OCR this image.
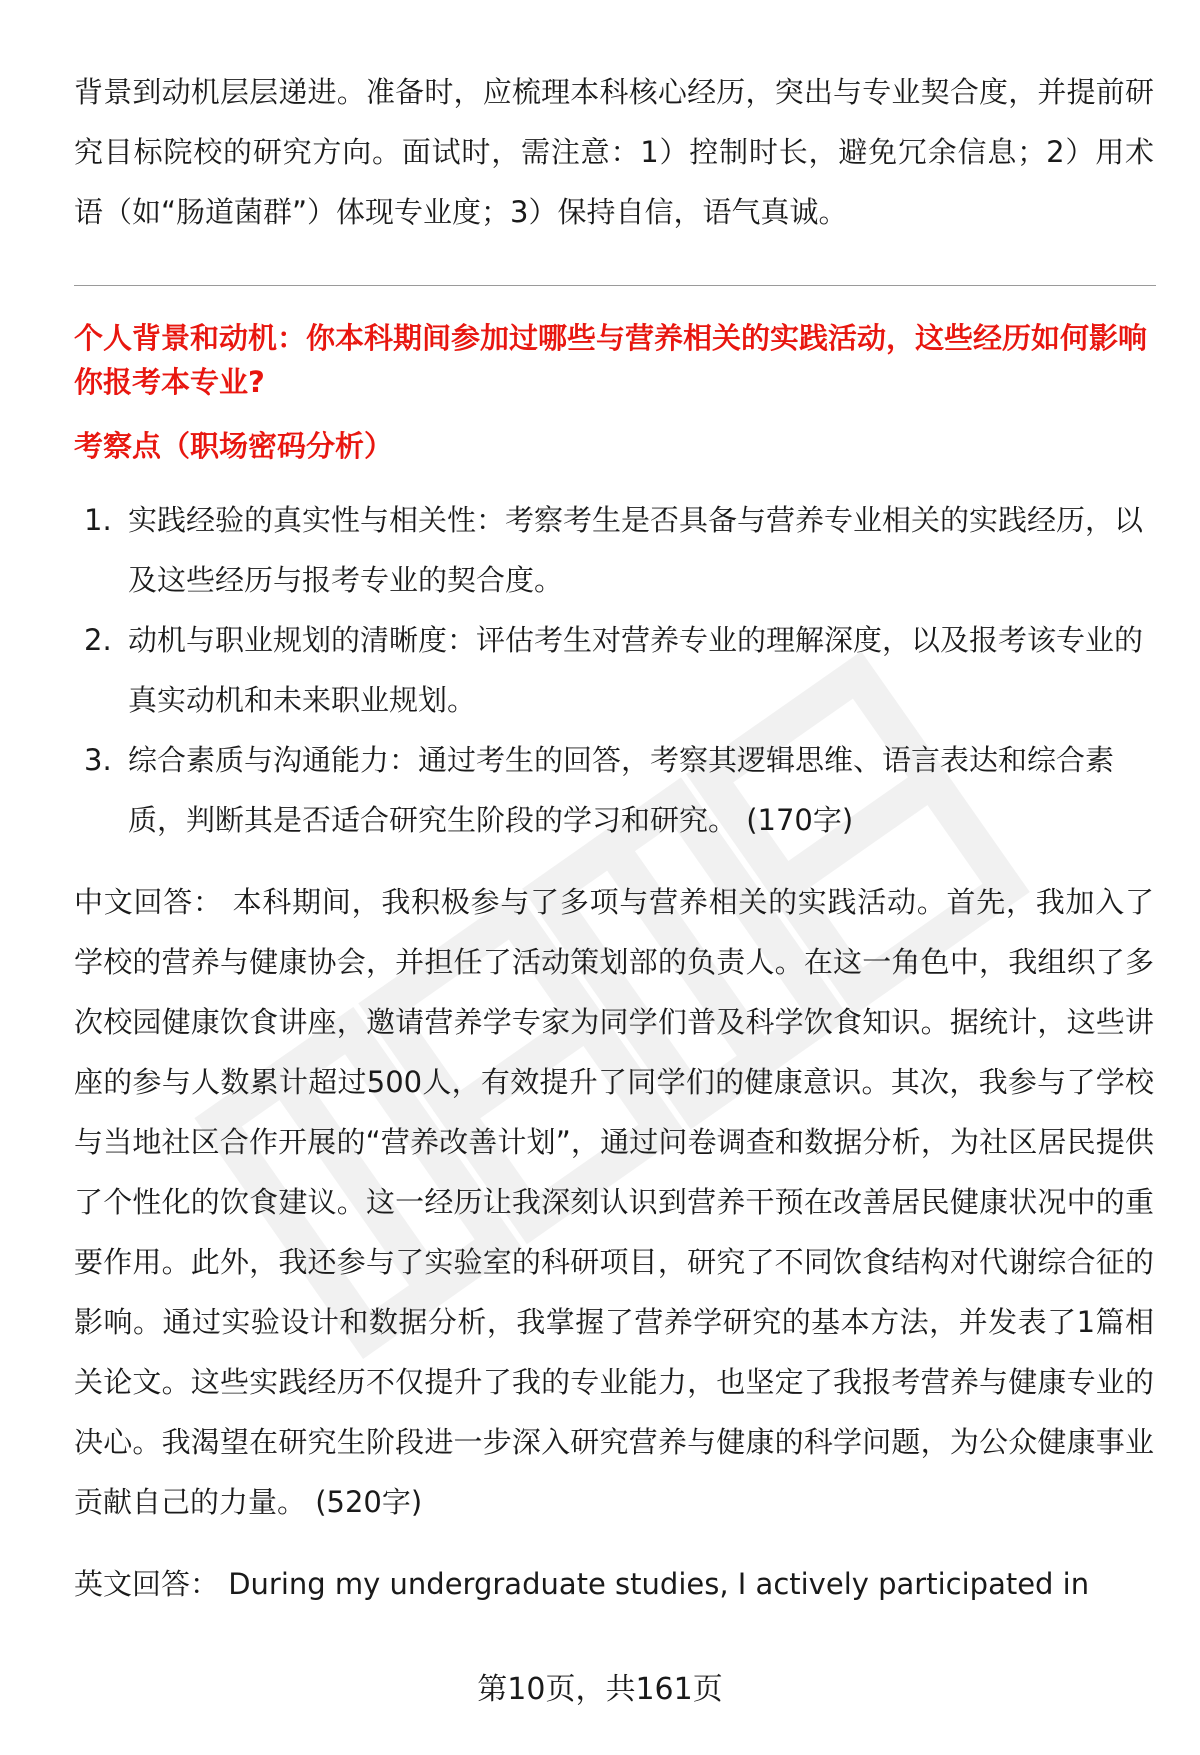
背景到动机层层递进。准备时，应梳理本科核心经历，突出与专业契合度，并提前研究目标院校的研究方向。面试时，需注意：1）控制时长，避免冗余信息；2）用术语（如“肠道菌群”）体现专业度；3）保持自信，语气真诚。

个人背景和动机：你本科期间参加过哪些与营养相关的实践活动，这些经历如何影响你报考本专业?

考察点（职场密码分析）

1. 实践经验的真实性与相关性：考察考生是否具备与营养专业相关的实践经历，以及这些经历与报考专业的契合度。
2. 动机与职业规划的清晰度：评估考生对营养专业的理解深度，以及报考该专业的真实动机和未来职业规划。
3. 综合素质与沟通能力：通过考生的回答，考察其逻辑思维、语言表达和综合素质，判断其是否适合研究生阶段的学习和研究。 (170字)

中文回答： 本科期间，我积极参与了多项与营养相关的实践活动。首先，我加入了学校的营养与健康协会，并担任了活动策划部的负责人。在这一角色中，我组织了多次校园健康饮食讲座，邀请营养学专家为同学们普及科学饮食知识。据统计，这些讲座的参与人数累计超过500人，有效提升了同学们的健康意识。其次，我参与了学校与当地社区合作开展的“营养改善计划”，通过问卷调查和数据分析，为社区居民提供了个性化的饮食建议。这一经历让我深刻认识到营养干预在改善居民健康状况中的重要作用。此外，我还参与了实验室的科研项目，研究了不同饮食结构对代谢综合征的影响。通过实验设计和数据分析，我掌握了营养学研究的基本方法，并发表了1篇相关论文。这些实践经历不仅提升了我的专业能力，也坚定了我报考营养与健康专业的决心。我渴望在研究生阶段进一步深入研究营养与健康的科学问题，为公众健康事业贡献自己的力量。 (520字)

英文回答： During my undergraduate studies, I actively participated in

第10页，共161页
